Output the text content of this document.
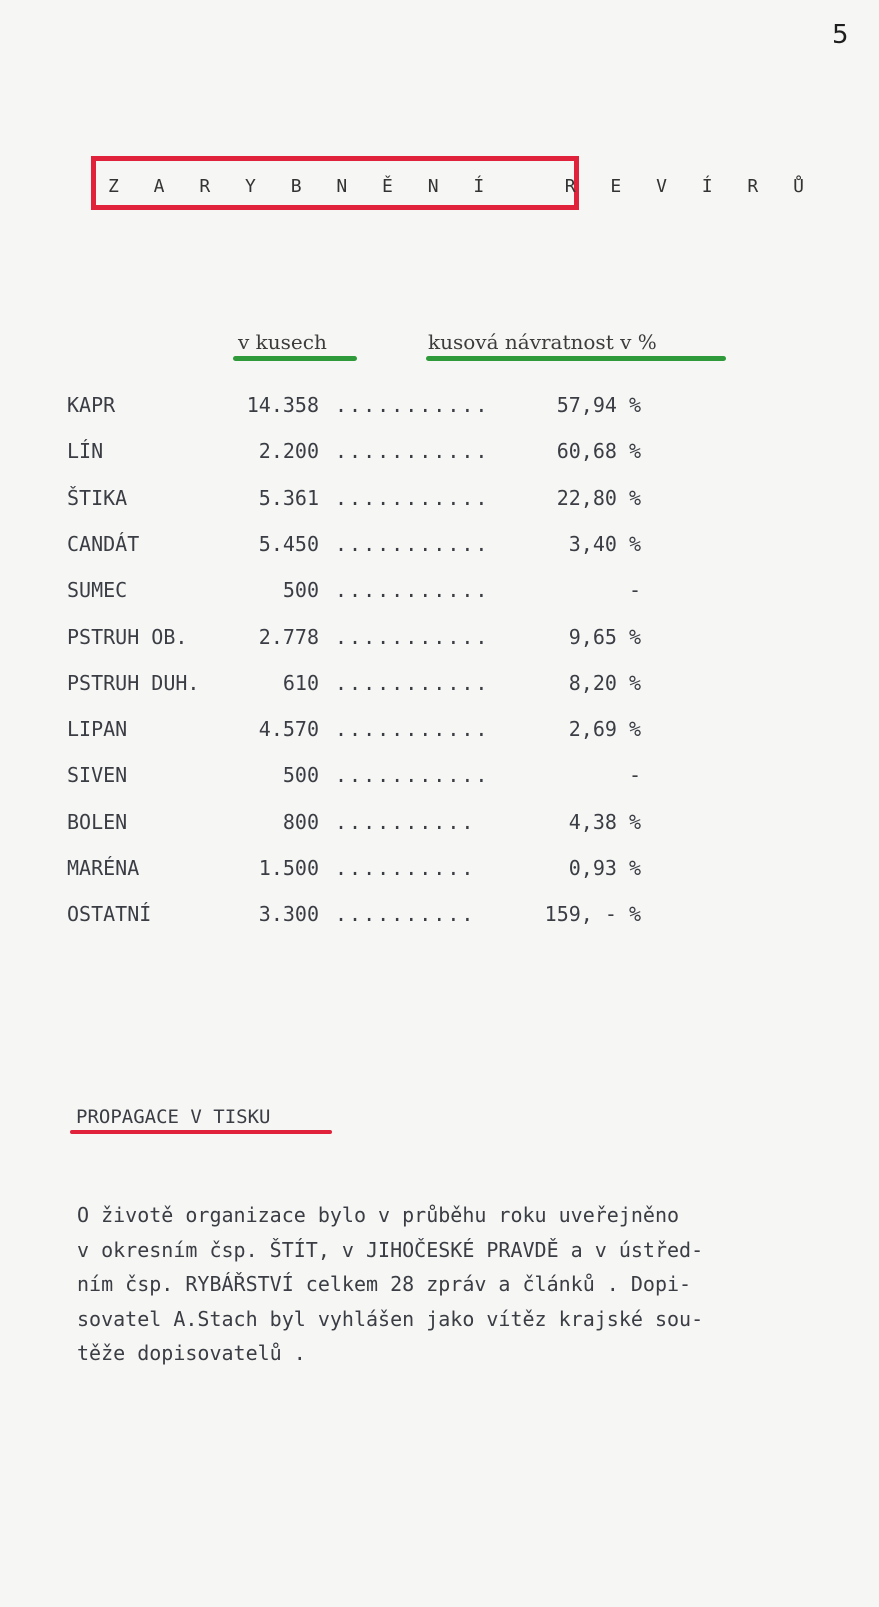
5
Z A R Y B N Ě N Í   R E V Í R Ů
v kusech	kusová návratnost v %
KAPR	14.358 ...........	57,94 %
LÍN	2.200 ...........	60,68 %
ŠTIKA	5.361 ...........	22,80 %
CANDÁT	5.450 ...........	3,40 %
SUMEC	500 ...........	-
PSTRUH OB.	2.778 ...........	9,65 %
PSTRUH DUH.	610 ...........	8,20 %
LIPAN	4.570 ...........	2,69 %
SIVEN	500 ...........	-
BOLEN	800 ..........	4,38 %
MARÉNA	1.500 ..........	0,93 %
OSTATNÍ	3.300 ..........	159, - %
PROPAGACE V TISKU
O životě organizace bylo v průběhu roku uveřejněno
v okresním čsp. ŠTÍT, v JIHOČESKÉ PRAVDĚ a v ústřed-
ním čsp. RYBÁŘSTVÍ celkem 28 zpráv a článků . Dopi-
sovatel A.Stach byl vyhlášen jako vítěz krajské sou-
těže dopisovatelů .
